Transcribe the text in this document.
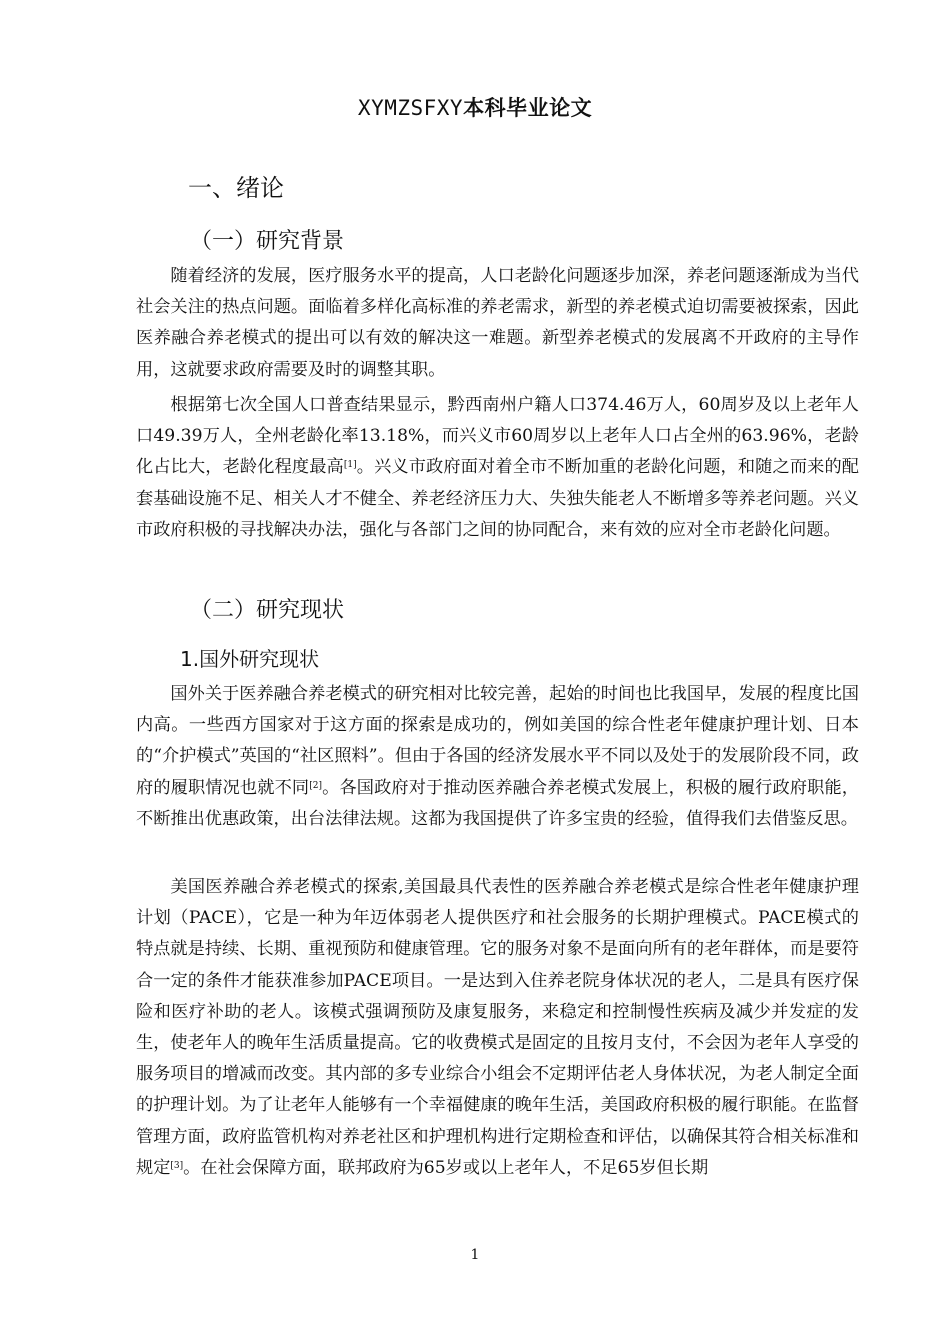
XYMZSFXY本科毕业论文
一、绪论
（一）研究背景

随着经济的发展，医疗服务水平的提高，人口老龄化问题逐步加深，养老问题逐渐成为当代社会关注的热点问题。面临着多样化高标准的养老需求，新型的养老模式迫切需要被探索，因此医养融合养老模式的提出可以有效的解决这一难题。新型养老模式的发展离不开政府的主导作用，这就要求政府需要及时的调整其职。

根据第七次全国人口普查结果显示，黔西南州户籍人口374.46万人，60周岁及以上老年人口49.39万人，全州老龄化率13.18%，而兴义市60周岁以上老年人口占全州的63.96%，老龄化占比大，老龄化程度最高[1]。兴义市政府面对着全市不断加重的老龄化问题，和随之而来的配套基础设施不足、相关人才不健全、养老经济压力大、失独失能老人不断增多等养老问题。兴义市政府积极的寻找解决办法，强化与各部门之间的协同配合，来有效的应对全市老龄化问题。

（二）研究现状
1.国外研究现状

国外关于医养融合养老模式的研究相对比较完善，起始的时间也比我国早，发展的程度比国内高。一些西方国家对于这方面的探索是成功的，例如美国的综合性老年健康护理计划、日本的“介护模式”英国的“社区照料”。但由于各国的经济发展水平不同以及处于的发展阶段不同，政府的履职情况也就不同[2]。各国政府对于推动医养融合养老模式发展上，积极的履行政府职能，不断推出优惠政策，出台法律法规。这都为我国提供了许多宝贵的经验，值得我们去借鉴反思。

美国医养融合养老模式的探索,美国最具代表性的医养融合养老模式是综合性老年健康护理计划（PACE），它是一种为年迈体弱老人提供医疗和社会服务的长期护理模式。PACE模式的特点就是持续、长期、重视预防和健康管理。它的服务对象不是面向所有的老年群体，而是要符合一定的条件才能获准参加PACE项目。一是达到入住养老院身体状况的老人，二是具有医疗保险和医疗补助的老人。该模式强调预防及康复服务，来稳定和控制慢性疾病及减少并发症的发生，使老年人的晚年生活质量提高。它的收费模式是固定的且按月支付，不会因为老年人享受的服务项目的增减而改变。其内部的多专业综合小组会不定期评估老人身体状况，为老人制定全面的护理计划。为了让老年人能够有一个幸福健康的晚年生活，美国政府积极的履行职能。在监督管理方面，政府监管机构对养老社区和护理机构进行定期检查和评估，以确保其符合相关标准和规定[3]。在社会保障方面，联邦政府为65岁或以上老年人，不足65岁但长期

1
